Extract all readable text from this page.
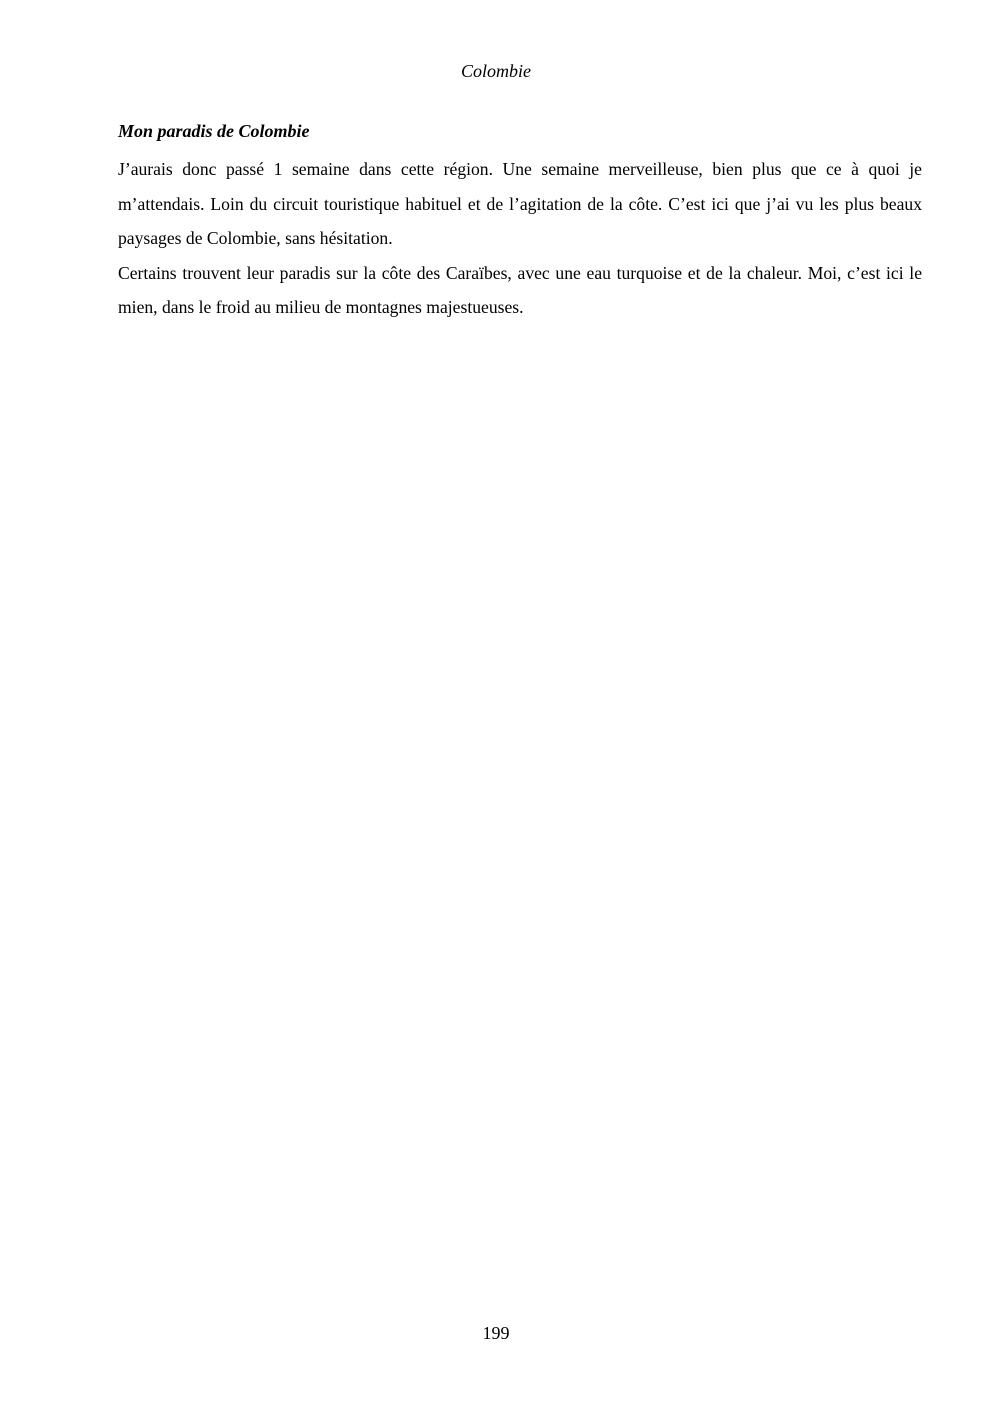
Colombie
Mon paradis de Colombie

J’aurais donc passé 1 semaine dans cette région. Une semaine merveilleuse, bien plus que ce à quoi je m’attendais. Loin du circuit touristique habituel et de l’agitation de la côte. C’est ici que j’ai vu les plus beaux paysages de Colombie, sans hésitation.

Certains trouvent leur paradis sur la côte des Caraïbes, avec une eau turquoise et de la chaleur. Moi, c’est ici le mien, dans le froid au milieu de montagnes majestueuses.

199
